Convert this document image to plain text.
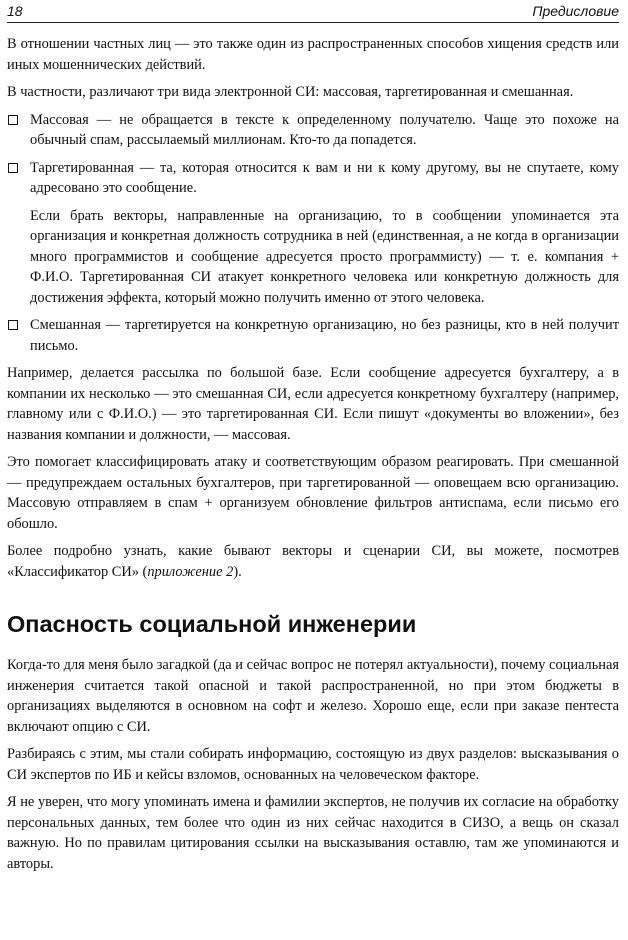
18	Предисловие

В отношении частных лиц — это также один из распространенных способов хищения средств или иных мошеннических действий.

В частности, различают три вида электронной СИ: массовая, таргетированная и смешанная.

Массовая — не обращается в тексте к определенному получателю. Чаще это похоже на обычный спам, рассылаемый миллионам. Кто-то да попадется.

Таргетированная — та, которая относится к вам и ни к кому другому, вы не спутаете, кому адресовано это сообщение.

Если брать векторы, направленные на организацию, то в сообщении упоминается эта организация и конкретная должность сотрудника в ней (единственная, а не когда в организации много программистов и сообщение адресуется просто программисту) — т. е. компания + Ф.И.О. Таргетированная СИ атакует конкретного человека или конкретную должность для достижения эффекта, который можно получить именно от этого человека.

Смешанная — таргетируется на конкретную организацию, но без разницы, кто в ней получит письмо.

Например, делается рассылка по большой базе. Если сообщение адресуется бухгалтеру, а в компании их несколько — это смешанная СИ, если адресуется конкретному бухгалтеру (например, главному или с Ф.И.О.) — это таргетированная СИ. Если пишут «документы во вложении», без названия компании и должности, — массовая.

Это помогает классифицировать атаку и соответствующим образом реагировать. При смешанной — предупреждаем остальных бухгалтеров, при таргетированной — оповещаем всю организацию. Массовую отправляем в спам + организуем обновление фильтров антиспама, если письмо его обошло.

Более подробно узнать, какие бывают векторы и сценарии СИ, вы можете, посмотрев «Классификатор СИ» (приложение 2).

Опасность социальной инженерии

Когда-то для меня было загадкой (да и сейчас вопрос не потерял актуальности), почему социальная инженерия считается такой опасной и такой распространенной, но при этом бюджеты в организациях выделяются в основном на софт и железо. Хорошо еще, если при заказе пентеста включают опцию с СИ.

Разбираясь с этим, мы стали собирать информацию, состоящую из двух разделов: высказывания о СИ экспертов по ИБ и кейсы взломов, основанных на человеческом факторе.

Я не уверен, что могу упоминать имена и фамилии экспертов, не получив их согласие на обработку персональных данных, тем более что один из них сейчас находится в СИЗО, а вещь он сказал важную. Но по правилам цитирования ссылки на высказывания оставлю, там же упоминаются и авторы.
